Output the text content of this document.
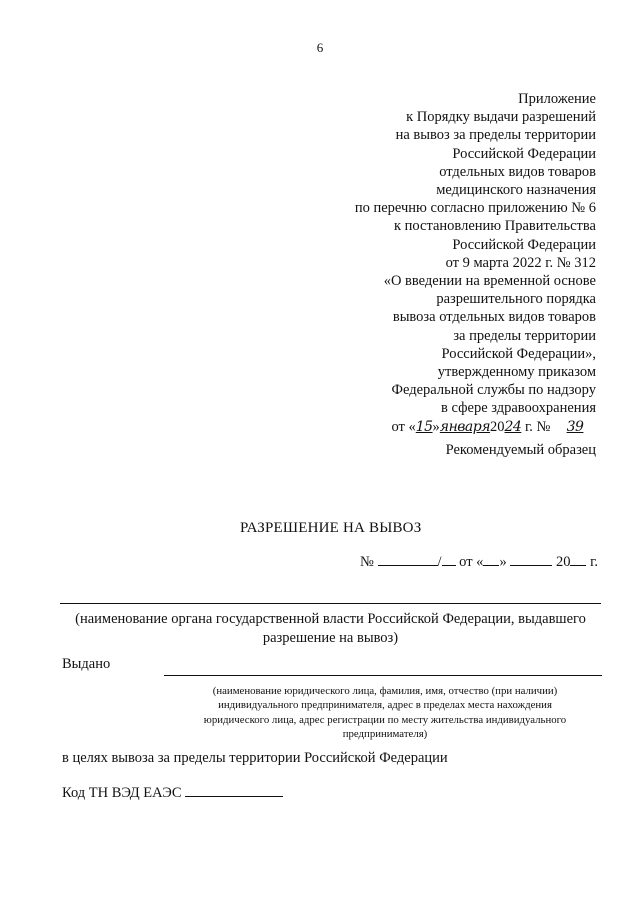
6
Приложение
к Порядку выдачи разрешений
на вывоз за пределы территории
Российской Федерации
отдельных видов товаров
медицинского назначения
по перечню согласно приложению № 6
к постановлению Правительства
Российской Федерации
от 9 марта 2022 г. № 312
«О введении на временной основе
разрешительного порядка
вывоза отдельных видов товаров
за пределы территории
Российской Федерации»,
утвержденному приказом
Федеральной службы по надзору
в сфере здравоохранения
от «15»января2024 г. № 39
Рекомендуемый образец
РАЗРЕШЕНИЕ НА ВЫВОЗ
№	/ от « »	20 г.
(наименование органа государственной власти Российской Федерации, выдавшего разрешение на вывоз)
Выдано
(наименование юридического лица, фамилия, имя, отчество (при наличии) индивидуального предпринимателя, адрес в пределах места нахождения юридического лица, адрес регистрации по месту жительства индивидуального предпринимателя)
в целях вывоза за пределы территории Российской Федерации
Код ТН ВЭД ЕАЭС
